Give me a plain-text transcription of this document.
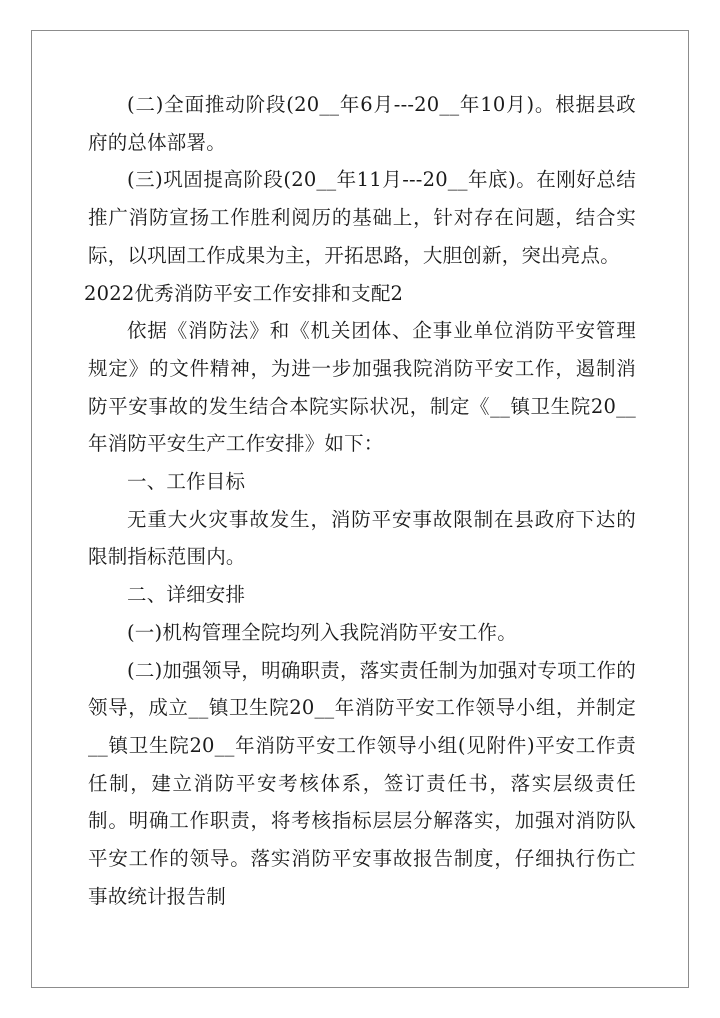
(二)全面推动阶段(20__年6月---20__年10月)。根据县政府的总体部署。

(三)巩固提高阶段(20__年11月---20__年底)。在刚好总结推广消防宣扬工作胜利阅历的基础上，针对存在问题，结合实际，以巩固工作成果为主，开拓思路，大胆创新，突出亮点。

2022优秀消防平安工作安排和支配2

依据《消防法》和《机关团体、企事业单位消防平安管理规定》的文件精神，为进一步加强我院消防平安工作，遏制消防平安事故的发生结合本院实际状况，制定《__镇卫生院20__年消防平安生产工作安排》如下：

一、工作目标

无重大火灾事故发生，消防平安事故限制在县政府下达的限制指标范围内。

二、详细安排

(一)机构管理全院均列入我院消防平安工作。

(二)加强领导，明确职责，落实责任制为加强对专项工作的领导，成立__镇卫生院20__年消防平安工作领导小组，并制定__镇卫生院20__年消防平安工作领导小组(见附件)平安工作责任制，建立消防平安考核体系，签订责任书，落实层级责任制。明确工作职责，将考核指标层层分解落实，加强对消防队平安工作的领导。落实消防平安事故报告制度，仔细执行伤亡事故统计报告制
